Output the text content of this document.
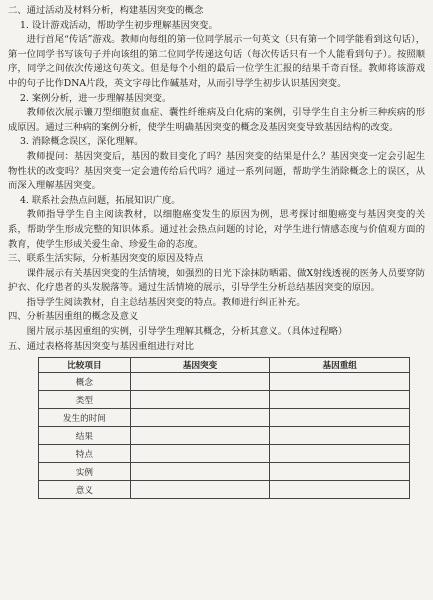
二、通过活动及材料分析，构建基因突变的概念

1. 设计游戏活动，帮助学生初步理解基因突变。

进行首尾“传话”游戏。教师向每组的第一位同学展示一句英文（只有第一个同学能看到这句话），第一位同学书写该句子并向该组的第二位同学传递这句话（每次传话只有一个人能看到句子）。按照顺序，同学之间依次传递这句英文。但是每个小组的最后一位学生汇报的结果千奇百怪。教师将该游戏中的句子比作DNA片段，英文字母比作碱基对，从而引导学生初步认识基因突变。

2. 案例分析，进一步理解基因突变。

教师依次展示镰刀型细胞贫血症、囊性纤维病及白化病的案例，引导学生自主分析三种疾病的形成原因。通过三种病的案例分析，使学生明确基因突变的概念及基因突变导致基因结构的改变。

3. 消除概念误区，深化理解。

教师提问：基因突变后，基因的数目变化了吗？基因突变的结果是什么？基因突变一定会引起生物性状的改变吗？基因突变一定会遗传给后代吗？通过一系列问题，帮助学生消除概念上的误区，从而深入理解基因突变。

4. 联系社会热点问题，拓展知识广度。

教师指导学生自主阅读教材，以细胞癌变发生的原因为例，思考探讨细胞癌变与基因突变的关系，帮助学生形成完整的知识体系。通过社会热点问题的讨论，对学生进行情感态度与价值观方面的教育，使学生形成关爱生命、珍爱生命的态度。

三、联系生活实际，分析基因突变的原因及特点

课件展示有关基因突变的生活情境，如强烈的日光下涂抹防晒霜、做X射线透视的医务人员要穿防护衣、化疗患者的头发脱落等。通过生活情境的展示，引导学生分析总结基因突变的原因。

指导学生阅读教材，自主总结基因突变的特点。教师进行纠正补充。

四、分析基因重组的概念及意义

图片展示基因重组的实例，引导学生理解其概念，分析其意义。（具体过程略）

五、通过表格将基因突变与基因重组进行对比

比较项目	基因突变	基因重组
概念		
类型		
发生的时间		
结果		
特点		
实例		
意义		
